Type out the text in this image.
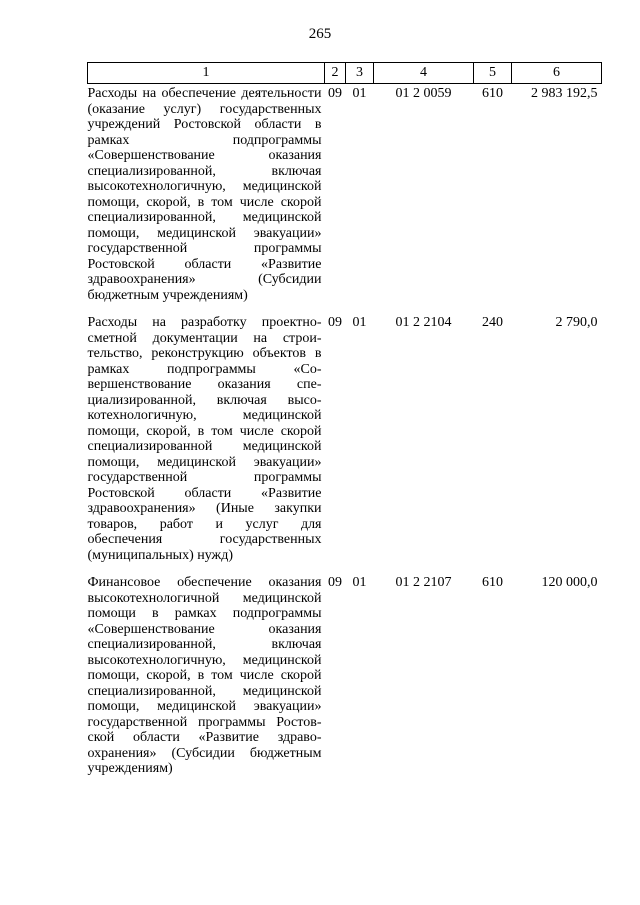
265
1	2	3	4	5	6
Расходы на обеспечение деятельности (оказание услуг) государственных учреждений Ростовской области в рамках подпрограммы «Совершенствование оказания специализированной, включая высокотехнологичную, медицинской помощи, скорой, в том числе скорой специализированной, медицинской помощи, медицинской эвакуации» государственной программы Ростовской области «Развитие здравоохранения» (Субсидии бюджетным учреждениям)	09	01	01 2 0059	610	2 983 192,5
Расходы на разработку проектно-сметной документации на строительство, реконструкцию объектов в рамках подпрограммы «Совершенствование оказания специализированной, включая высокотехнологичную, медицинской помощи, скорой, в том числе скорой специализированной медицинской помощи, медицинской эвакуации» государственной программы Ростовской области «Развитие здравоохранения» (Иные закупки товаров, работ и услуг для обеспечения государственных (муниципальных) нужд)	09	01	01 2 2104	240	2 790,0
Финансовое обеспечение оказания высокотехнологичной медицинской помощи в рамках подпрограммы «Совершенствование оказания специализированной, включая высокотехнологичную, медицинской помощи, скорой, в том числе скорой специализированной, медицинской помощи, медицинской эвакуации» государственной программы Ростовской области «Развитие здравоохранения» (Субсидии бюджетным учреждениям)	09	01	01 2 2107	610	120 000,0
